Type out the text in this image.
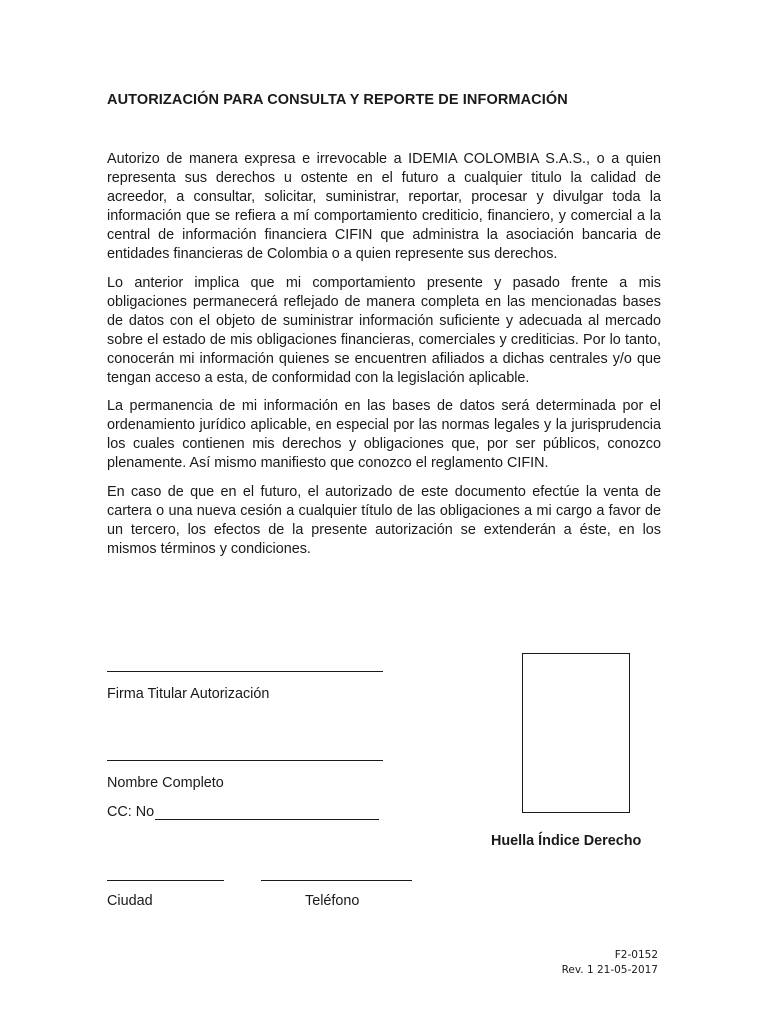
AUTORIZACIÓN PARA CONSULTA Y REPORTE DE INFORMACIÓN

Autorizo de manera expresa e irrevocable a IDEMIA COLOMBIA S.A.S., o a quien representa sus derechos u ostente en el futuro a cualquier titulo la calidad de acreedor, a consultar, solicitar, suministrar, reportar, procesar y divulgar toda la información que se refiera a mí comportamiento crediticio, financiero, y comercial a la central de información financiera CIFIN que administra la asociación bancaria de entidades financieras de Colombia o a quien represente sus derechos.

Lo anterior implica que mi comportamiento presente y pasado frente a mis obligaciones permanecerá reflejado de manera completa en las mencionadas bases de datos con el objeto de suministrar información suficiente y adecuada al mercado sobre el estado de mis obligaciones financieras, comerciales y crediticias. Por lo tanto, conocerán mi información quienes se encuentren afiliados a dichas centrales y/o que tengan acceso a esta, de conformidad con la legislación aplicable.

La permanencia de mi información en las bases de datos será determinada por el ordenamiento jurídico aplicable, en especial por las normas legales y la jurisprudencia los cuales contienen mis derechos y obligaciones que, por ser públicos, conozco plenamente. Así mismo manifiesto que conozco el reglamento CIFIN.

En caso de que en el futuro, el autorizado de este documento efectúe la venta de cartera o una nueva cesión a cualquier título de las obligaciones a mi cargo a favor de un tercero, los efectos de la presente autorización se extenderán a éste, en los mismos términos y condiciones.

Firma Titular Autorización
Nombre Completo
CC: No
Huella Índice Derecho
Ciudad	Teléfono
F2-0152
Rev. 1 21-05-2017
